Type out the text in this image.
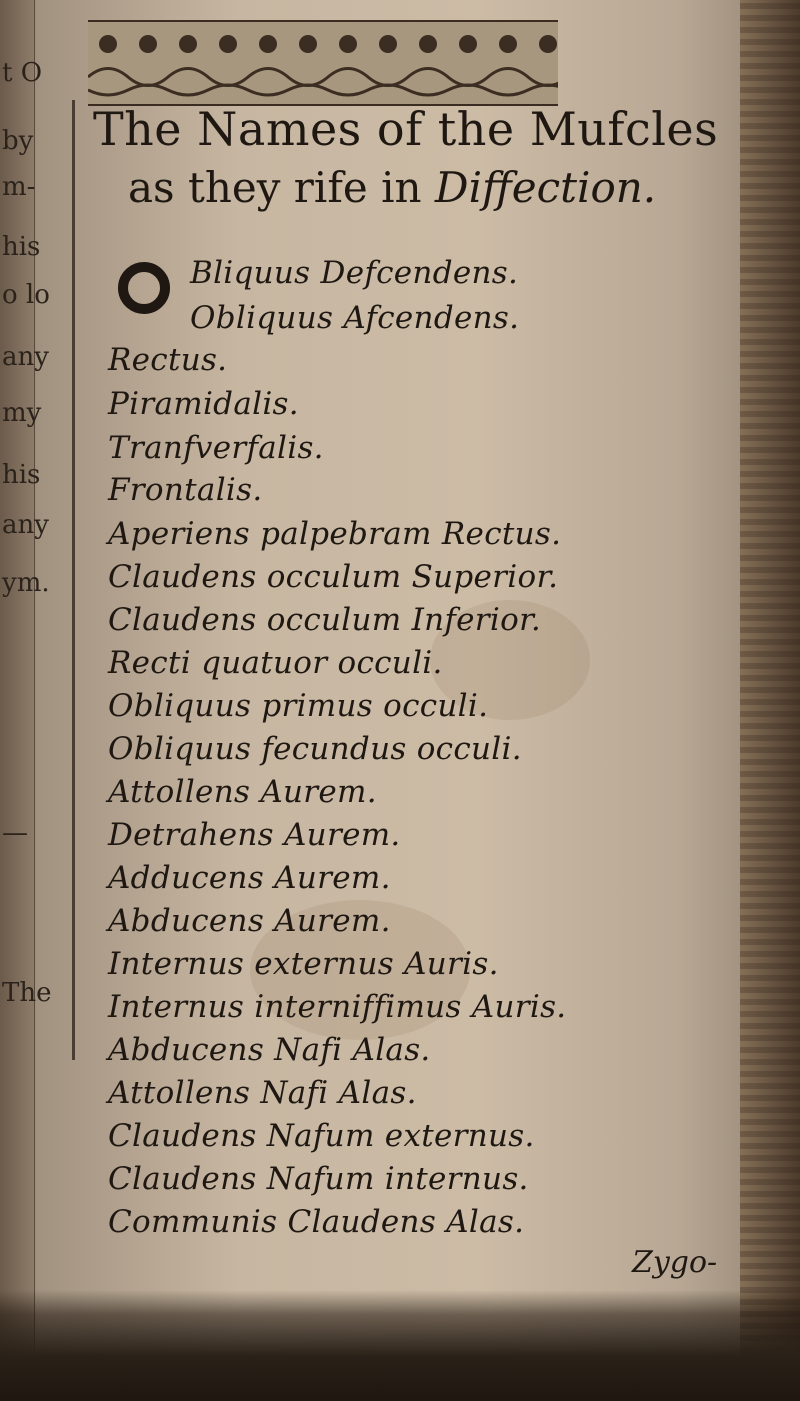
t O
by
m-
his
o lo
any
my
his
any
ym.
—
The
The Names of the Mufcles
as they rife in Diffection.
Bliquus Defcendens.
Obliquus Afcendens.
Rectus.
Piramidalis.
Tranfverfalis.
Frontalis.
Aperiens palpebram Rectus.
Claudens occulum Superior.
Claudens occulum Inferior.
Recti quatuor occuli.
Obliquus primus occuli.
Obliquus fecundus occuli.
Attollens Aurem.
Detrahens Aurem.
Adducens Aurem.
Abducens Aurem.
Internus externus Auris.
Internus interniffimus Auris.
Abducens Nafi Alas.
Attollens Nafi Alas.
Claudens Nafum externus.
Claudens Nafum internus.
Communis Claudens Alas.
Zygo-
